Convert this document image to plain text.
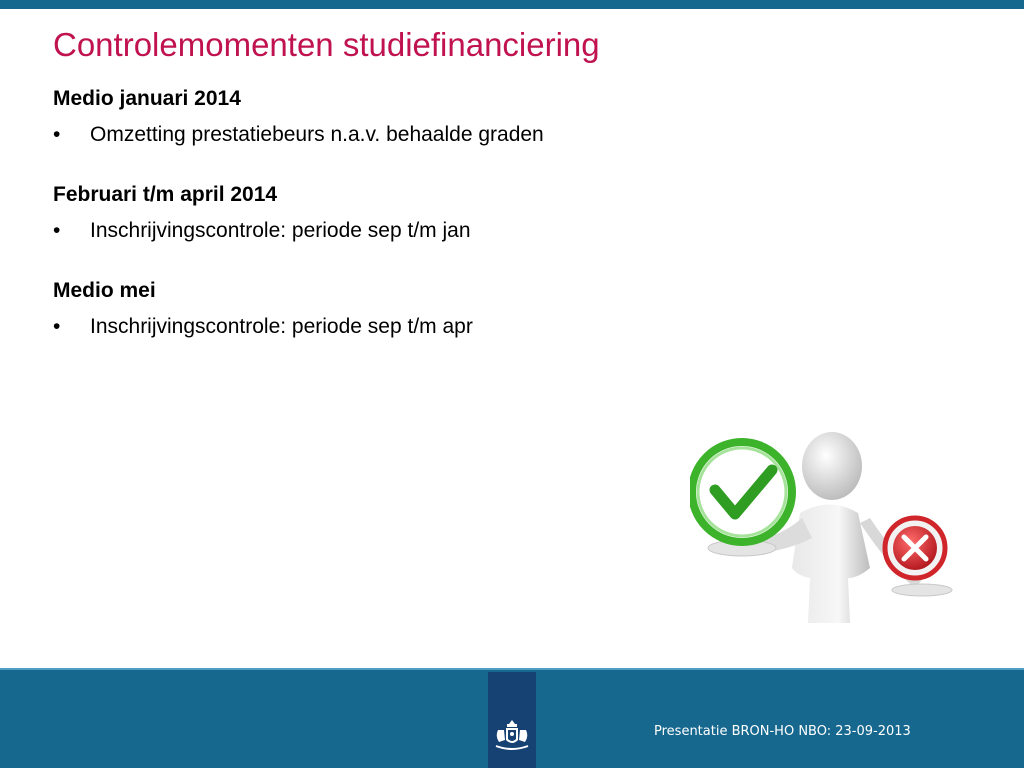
Controlemomenten studiefinanciering
Medio januari 2014
• Omzetting prestatiebeurs n.a.v. behaalde graden
Februari t/m april 2014
• Inschrijvingscontrole: periode sep t/m jan
Medio mei
• Inschrijvingscontrole: periode sep t/m apr
Presentatie BRON-HO NBO: 23-09-2013
